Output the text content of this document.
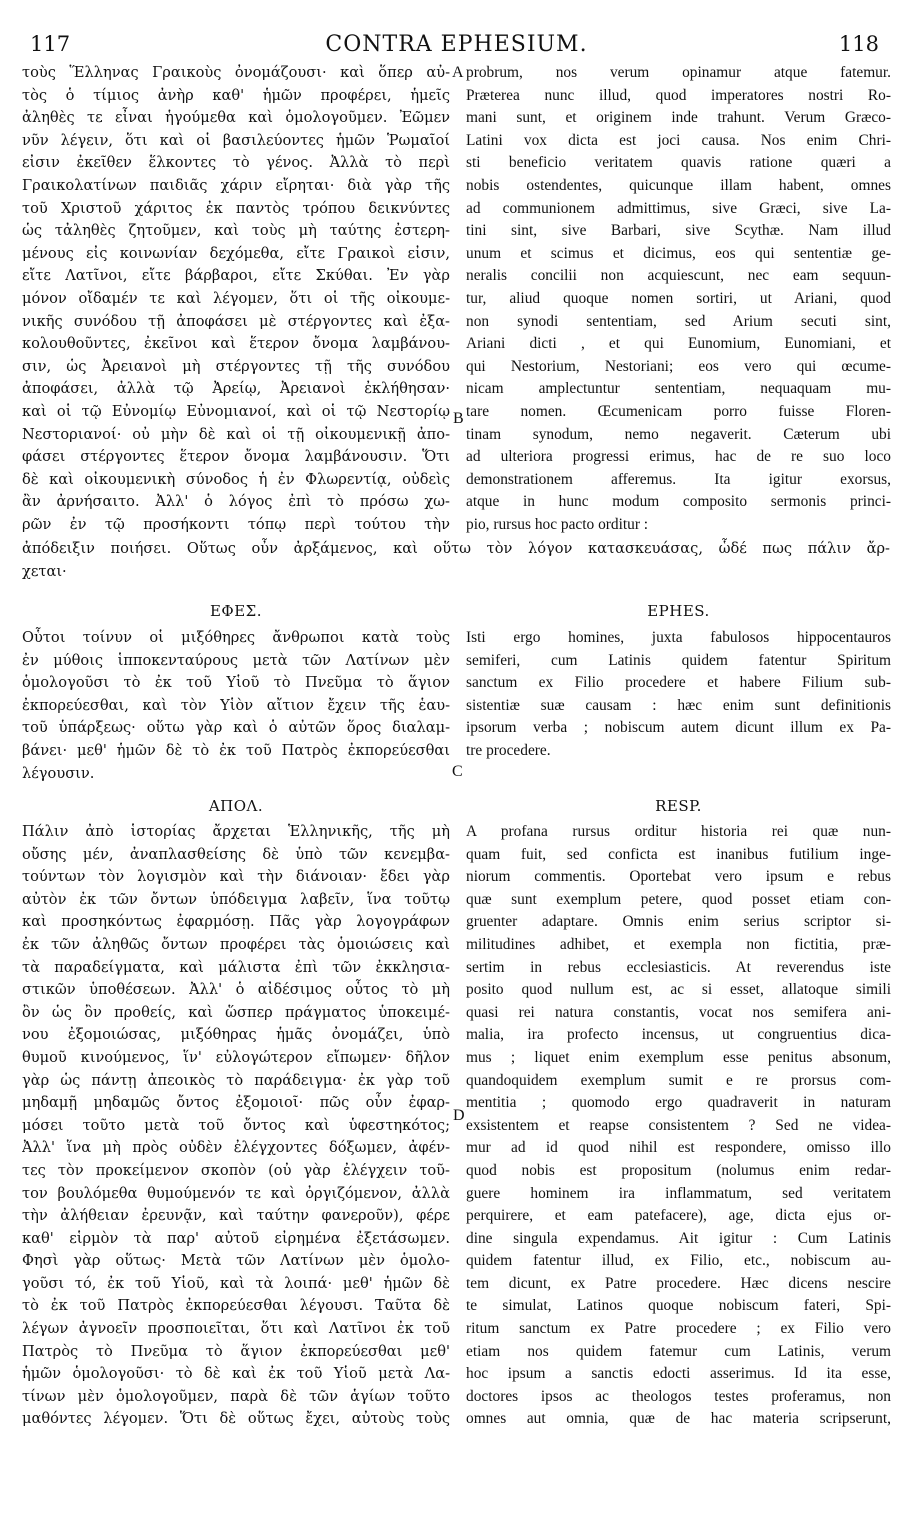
117	CONTRA EPHESIUM.	118
τοὺς Ἕλληνας Γραικοὺς ὀνομάζουσι· καὶ ὅπερ αὐ-
τὸς ὁ τίμιος ἀνὴρ καθ' ἡμῶν προφέρει, ἡμεῖς
ἀληθὲς τε εἶναι ἡγούμεθα καὶ ὁμολογοῦμεν. Ἐῶμεν
νῦν λέγειν, ὅτι καὶ οἱ βασιλεύοντες ἡμῶν Ῥωμαῖοί
εἰσιν ἐκεῖθεν ἕλκοντες τὸ γένος. Ἀλλὰ τὸ περὶ
Γραικολατίνων παιδιᾶς χάριν εἴρηται· διὰ γὰρ τῆς
τοῦ Χριστοῦ χάριτος ἐκ παντὸς τρόπου δεικνύντες
ὡς τἀληθὲς ζητοῦμεν, καὶ τοὺς μὴ ταύτης ἐστερη-
μένους εἰς κοινωνίαν δεχόμεθα, εἴτε Γραικοὶ εἰσιν,
εἴτε Λατῖνοι, εἴτε βάρβαροι, εἴτε Σκύθαι. Ἐν γὰρ
μόνον οἴδαμέν τε καὶ λέγομεν, ὅτι οἱ τῆς οἰκουμε-
νικῆς συνόδου τῇ ἀποφάσει μὲ στέργοντες καὶ ἐξα-
κολουθοῦντες, ἐκεῖνοι καὶ ἕτερον ὄνομα λαμβάνου-
σιν, ὡς Ἀρειανοὶ μὴ στέργοντες τῇ τῆς συνόδου
ἀποφάσει, ἀλλὰ τῷ Ἀρείῳ, Ἀρειανοὶ ἐκλήθησαν·
καὶ οἱ τῷ Εὐνομίῳ Εὐνομιανοί, καὶ οἱ τῷ Νεστορίῳ
Νεστοριανοί· οὐ μὴν δὲ καὶ οἱ τῇ οἰκουμενικῇ ἀπο-
φάσει στέργοντες ἕτερον ὄνομα λαμβάνουσιν. Ὅτι
δὲ καὶ οἰκουμενικὴ σύνοδος ἡ ἐν Φλωρεντίᾳ, οὐδεὶς
ἂν ἀρνήσαιτο. Ἀλλ' ὁ λόγος ἐπὶ τὸ πρόσω χω-
ρῶν ἐν τῷ προσήκοντι τόπῳ περὶ τούτου τὴν
probrum, nos verum opinamur atque fatemur.
Præterea nunc illud, quod imperatores nostri Ro-
mani sunt, et originem inde trahunt. Verum Græco-
Latini vox dicta est joci causa. Nos enim Chri-
sti beneficio veritatem quavis ratione quæri a
nobis ostendentes, quicunque illam habent, omnes
ad communionem admittimus, sive Græci, sive La-
tini sint, sive Barbari, sive Scythæ. Nam illud
unum et scimus et dicimus, eos qui sententiæ ge-
neralis concilii non acquiescunt, nec eam sequun-
tur, aliud quoque nomen sortiri, ut Ariani, quod
non synodi sententiam, sed Arium secuti sint,
Ariani dicti , et qui Eunomium, Eunomiani, et
qui Nestorium, Nestoriani; eos vero qui œcume-
nicam amplectuntur sententiam, nequaquam mu-
tare nomen. Œcumenicam porro fuisse Floren-
tinam synodum, nemo negaverit. Cæterum ubi
ad ulteriora progressi erimus, hac de re suo loco
demonstrationem afferemus. Ita igitur exorsus,
atque in hunc modum composito sermonis princi-
pio, rursus hoc pacto orditur :
A
B
ἀπόδειξιν ποιήσει. Οὕτως οὖν ἀρξάμενος, καὶ οὕτω τὸν λόγον κατασκευάσας, ὧδέ πως πάλιν ἄρ-
χεται·
ΕΦΕΣ.	EPHES.
Οὗτοι τοίνυν οἱ μιξόθηρες ἄνθρωποι κατὰ τοὺς
ἐν μύθοις ἱπποκενταύρους μετὰ τῶν Λατίνων μὲν
ὁμολογοῦσι τὸ ἐκ τοῦ Υἱοῦ τὸ Πνεῦμα τὸ ἅγιον
ἐκπορεύεσθαι, καὶ τὸν Υἱὸν αἴτιον ἔχειν τῆς ἑαυ-
τοῦ ὑπάρξεως· οὕτω γὰρ καὶ ὁ αὐτῶν ὅρος διαλαμ-
βάνει· μεθ' ἡμῶν δὲ τὸ ἐκ τοῦ Πατρὸς ἐκπορεύεσθαι
λέγουσιν.
Isti ergo homines, juxta fabulosos hippocentauros
semiferi, cum Latinis quidem fatentur Spiritum
sanctum ex Filio procedere et habere Filium sub-
sistentiæ suæ causam : hæc enim sunt definitionis
ipsorum verba ; nobiscum autem dicunt illum ex Pa-
tre procedere.
C
ΑΠΟΛ.	RESP.
Πάλιν ἀπὸ ἱστορίας ἄρχεται Ἑλληνικῆς, τῆς μὴ
οὔσης μέν, ἀναπλασθείσης δὲ ὑπὸ τῶν κενεμβα-
τούντων τὸν λογισμὸν καὶ τὴν διάνοιαν· ἔδει γὰρ
αὐτὸν ἐκ τῶν ὄντων ὑπόδειγμα λαβεῖν, ἵνα τοῦτῳ
καὶ προσηκόντως ἐφαρμόσῃ. Πᾶς γὰρ λογογράφων
ἐκ τῶν ἀληθῶς ὄντων προφέρει τὰς ὁμοιώσεις καὶ
τὰ παραδείγματα, καὶ μάλιστα ἐπὶ τῶν ἐκκλησια-
στικῶν ὑποθέσεων. Ἀλλ' ὁ αἰδέσιμος οὗτος τὸ μὴ
ὂν ὡς ὂν προθείς, καὶ ὥσπερ πράγματος ὑποκειμέ-
νου ἐξομοιώσας, μιξόθηρας ἡμᾶς ὀνομάζει, ὑπὸ
θυμοῦ κινούμενος, ἵν' εὐλογώτερον εἴπωμεν· δῆλον
γὰρ ὡς πάντῃ ἀπεοικὸς τὸ παράδειγμα· ἐκ γὰρ τοῦ
μηδαμῇ μηδαμῶς ὄντος ἐξομοιοῖ· πῶς οὖν ἐφαρ-
μόσει τοῦτο μετὰ τοῦ ὄντος καὶ ὑφεστηκότος;
Ἀλλ' ἵνα μὴ πρὸς οὐδὲν ἐλέγχοντες δόξωμεν, ἀφέν-
τες τὸν προκείμενον σκοπὸν (οὐ γὰρ ἐλέγχειν τοῦ-
τον βουλόμεθα θυμούμενόν τε καὶ ὀργιζόμενον, ἀλλὰ
τὴν ἀλήθειαν ἐρευνᾷν, καὶ ταύτην φανεροῦν), φέρε
καθ' εἱρμὸν τὰ παρ' αὐτοῦ εἰρημένα ἐξετάσωμεν.
Φησὶ γὰρ οὕτως· Μετὰ τῶν Λατίνων μὲν ὁμολο-
γοῦσι τό, ἐκ τοῦ Υἱοῦ, καὶ τὰ λοιπά· μεθ' ἡμῶν δὲ
τὸ ἐκ τοῦ Πατρὸς ἐκπορεύεσθαι λέγουσι. Ταῦτα δὲ
λέγων ἀγνοεῖν προσποιεῖται, ὅτι καὶ Λατῖνοι ἐκ τοῦ
Πατρὸς τὸ Πνεῦμα τὸ ἅγιον ἐκπορεύεσθαι μεθ'
ἡμῶν ὁμολογοῦσι· τὸ δὲ καὶ ἐκ τοῦ Υἱοῦ μετὰ Λα-
τίνων μὲν ὁμολογοῦμεν, παρὰ δὲ τῶν ἁγίων τοῦτο
μαθόντες λέγομεν. Ὅτι δὲ οὕτως ἔχει, αὐτοὺς τοὺς
A profana rursus orditur historia rei quæ nun-
quam fuit, sed conficta est inanibus futilium inge-
niorum commentis. Oportebat vero ipsum e rebus
quæ sunt exemplum petere, quod posset etiam con-
gruenter adaptare. Omnis enim serius scriptor si-
militudines adhibet, et exempla non fictitia, præ-
sertim in rebus ecclesiasticis. At reverendus iste
posito quod nullum est, ac si esset, allatoque simili
quasi rei natura constantis, vocat nos semifera ani-
malia, ira profecto incensus, ut congruentius dica-
mus ; liquet enim exemplum esse penitus absonum,
quandoquidem exemplum sumit e re prorsus com-
mentitia ; quomodo ergo quadraverit in naturam
exsistentem et reapse consistentem ? Sed ne videa-
mur ad id quod nihil est respondere, omisso illo
quod nobis est propositum (nolumus enim redar-
guere hominem ira inflammatum, sed veritatem
perquirere, et eam patefacere), age, dicta ejus or-
dine singula expendamus. Ait igitur : Cum Latinis
quidem fatentur illud, ex Filio, etc., nobiscum au-
tem dicunt, ex Patre procedere. Hæc dicens nescire
te simulat, Latinos quoque nobiscum fateri, Spi-
ritum sanctum ex Patre procedere ; ex Filio vero
etiam nos quidem fatemur cum Latinis, verum
hoc ipsum a sanctis edocti asserimus. Id ita esse,
doctores ipsos ac theologos testes proferamus, non
omnes aut omnia, quæ de hac materia scripserunt,
D
